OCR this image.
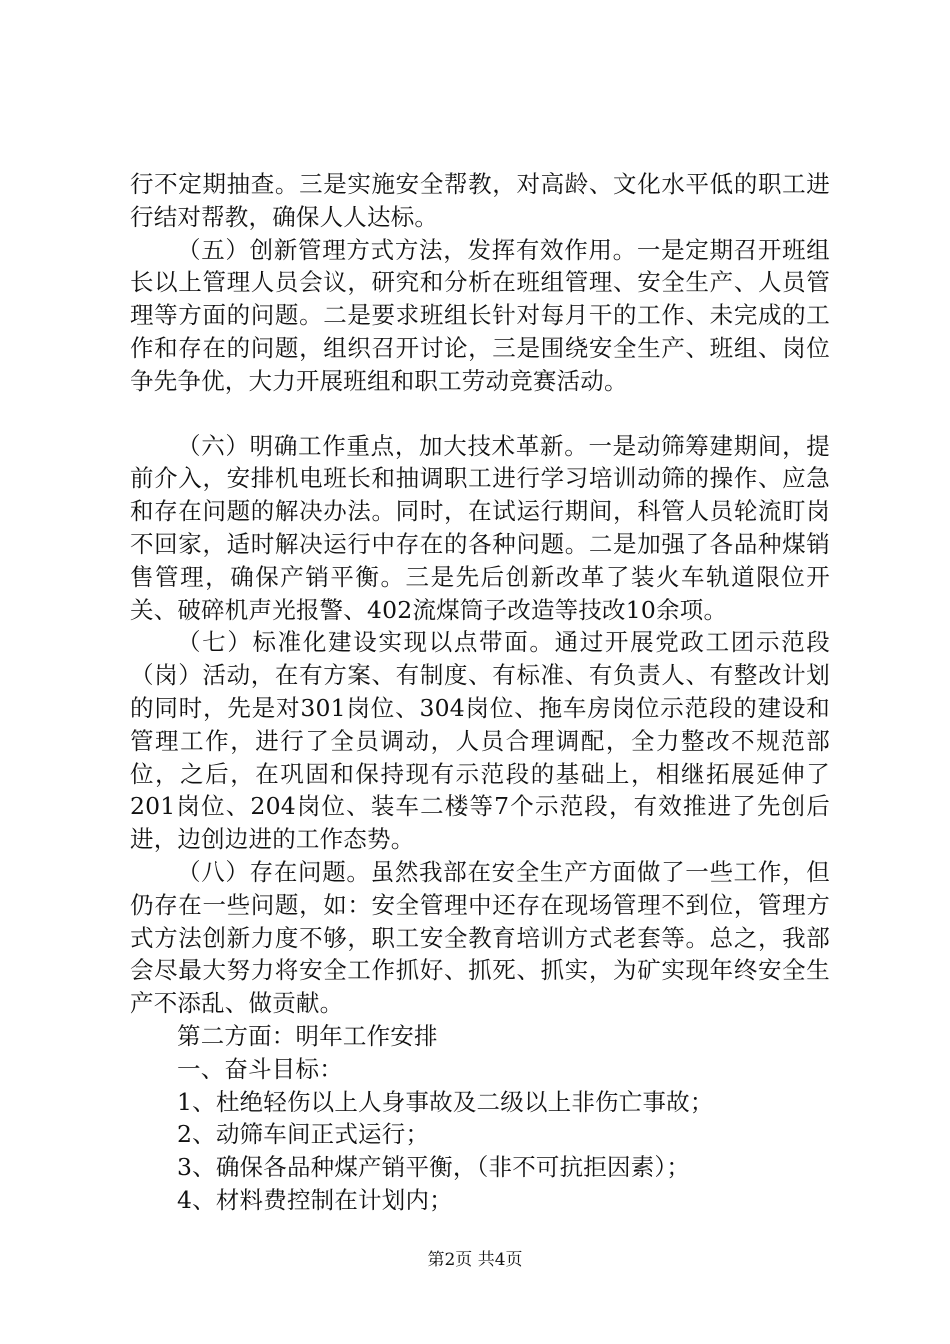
行不定期抽查。三是实施安全帮教，对高龄、文化水平低的职工进行结对帮教，确保人人达标。

（五）创新管理方式方法，发挥有效作用。一是定期召开班组长以上管理人员会议，研究和分析在班组管理、安全生产、人员管理等方面的问题。二是要求班组长针对每月干的工作、未完成的工作和存在的问题，组织召开讨论，三是围绕安全生产、班组、岗位争先争优，大力开展班组和职工劳动竞赛活动。

（六）明确工作重点，加大技术革新。一是动筛筹建期间，提前介入，安排机电班长和抽调职工进行学习培训动筛的操作、应急和存在问题的解决办法。同时，在试运行期间，科管人员轮流盯岗不回家，适时解决运行中存在的各种问题。二是加强了各品种煤销售管理，确保产销平衡。三是先后创新改革了装火车轨道限位开关、破碎机声光报警、402流煤筒子改造等技改10余项。

（七）标准化建设实现以点带面。通过开展党政工团示范段（岗）活动，在有方案、有制度、有标准、有负责人、有整改计划的同时，先是对301岗位、304岗位、拖车房岗位示范段的建设和管理工作，进行了全员调动，人员合理调配，全力整改不规范部位，之后，在巩固和保持现有示范段的基础上，相继拓展延伸了201岗位、204岗位、装车二楼等7个示范段，有效推进了先创后进，边创边进的工作态势。

（八）存在问题。虽然我部在安全生产方面做了一些工作，但仍存在一些问题，如：安全管理中还存在现场管理不到位，管理方式方法创新力度不够，职工安全教育培训方式老套等。总之，我部会尽最大努力将安全工作抓好、抓死、抓实，为矿实现年终安全生产不添乱、做贡献。

第二方面：明年工作安排

一、奋斗目标：

1、杜绝轻伤以上人身事故及二级以上非伤亡事故；

2、动筛车间正式运行；

3、确保各品种煤产销平衡，（非不可抗拒因素）；

4、材料费控制在计划内；

第2页 共4页
